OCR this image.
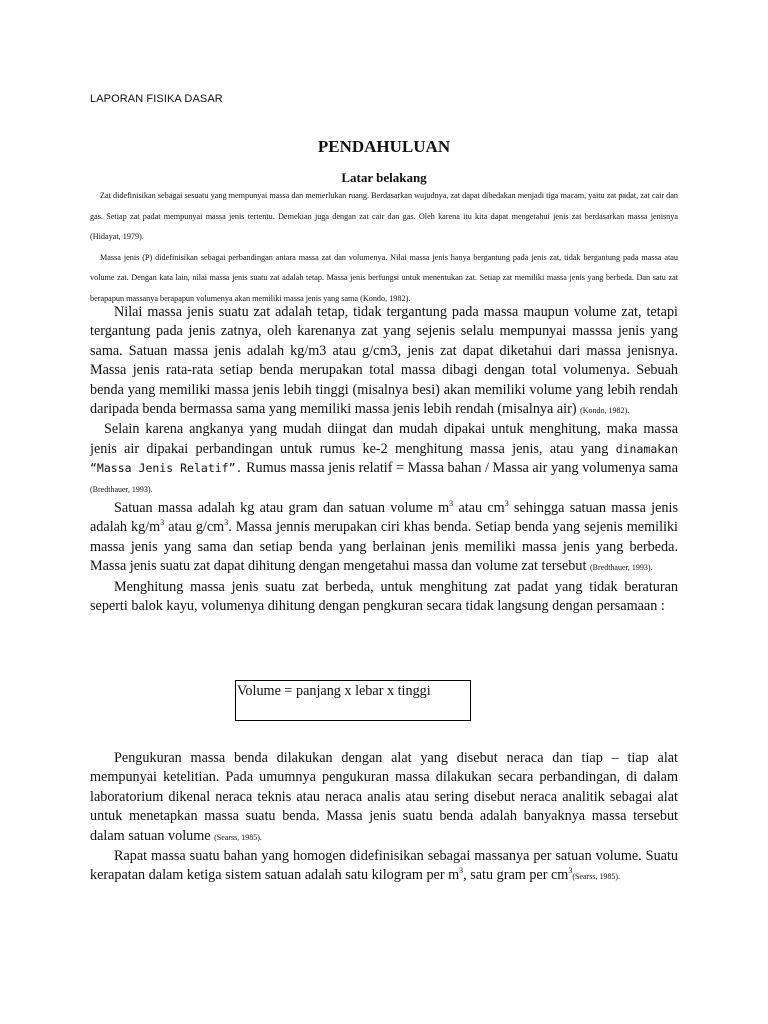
LAPORAN FISIKA DASAR
PENDAHULUAN
Latar belakang

Zat didefinisikan sebagai sesuatu yang mempunyai massa dan memerlukan ruang. Berdasarkan wujudnya, zat dapat dibedakan menjadi tiga macam, yaitu zat padat, zat cair dan gas. Setiap zat padat mempunyai massa jenis tertentu. Demekian juga dengan zat cair dan gas. Oleh karena itu kita dapat mengetahui jenis zat berdasarkan massa jenisnya (Hidayat, 1979).

Massa jenis (P) didefinisikan sebagai perbandingan antara massa zat dan volumenya. Nilai massa jenis hanya bergantung pada jenis zat, tidak bergantung pada massa atau volume zat. Dengan kata lain, nilai massa jenis suatu zat adalah tetap. Massa jenis berfungsi untuk menentukan zat. Setiap zat memiliki massa jenis yang berbeda. Dan satu zat berapapun massanya berapapun volumenya akan memiliki massa jenis yang sama (Kondo, 1982).

Nilai massa jenis suatu zat adalah tetap, tidak tergantung pada massa maupun volume zat, tetapi tergantung pada jenis zatnya, oleh karenanya zat yang sejenis selalu mempunyai masssa jenis yang sama. Satuan massa jenis adalah kg/m3 atau g/cm3, jenis zat dapat diketahui dari massa jenisnya. Massa jenis rata-rata setiap benda merupakan total massa dibagi dengan total volumenya. Sebuah benda yang memiliki massa jenis lebih tinggi (misalnya besi) akan memiliki volume yang lebih rendah daripada benda bermassa sama yang memiliki massa jenis lebih rendah (misalnya air) (Kondo, 1982).

Selain karena angkanya yang mudah diingat dan mudah dipakai untuk menghitung, maka massa jenis air dipakai perbandingan untuk rumus ke-2 menghitung massa jenis, atau yang dinamakan “Massa Jenis Relatif”. Rumus massa jenis relatif = Massa bahan / Massa air yang volumenya sama (Bredthauer, 1993).

Satuan massa adalah kg atau gram dan satuan volume $m^3$ atau $cm^3$ sehingga satuan massa jenis adalah $kg/m^3$ atau $g/cm^3$. Massa jennis merupakan ciri khas benda. Setiap benda yang sejenis memiliki massa jenis yang sama dan setiap benda yang berlainan jenis memiliki massa jenis yang berbeda. Massa jenis suatu zat dapat dihitung dengan mengetahui massa dan volume zat tersebut (Bredthauer, 1993).

Menghitung massa jenis suatu zat berbeda, untuk menghitung zat padat yang tidak beraturan seperti balok kayu, volumenya dihitung dengan pengkuran secara tidak langsung dengan persamaan :

Volume = panjang x lebar x tinggi

Pengukuran massa benda dilakukan dengan alat yang disebut neraca dan tiap – tiap alat mempunyai ketelitian. Pada umumnya pengukuran massa dilakukan secara perbandingan, di dalam laboratorium dikenal neraca teknis atau neraca analis atau sering disebut neraca analitik sebagai alat untuk menetapkan massa suatu benda. Massa jenis suatu benda adalah banyaknya massa tersebut dalam satuan volume (Searss, 1985).

Rapat massa suatu bahan yang homogen didefinisikan sebagai massanya per satuan volume. Suatu kerapatan dalam ketiga sistem satuan adalah satu kilogram per $m^3$, satu gram per $cm^3(Searss$, 1985).
